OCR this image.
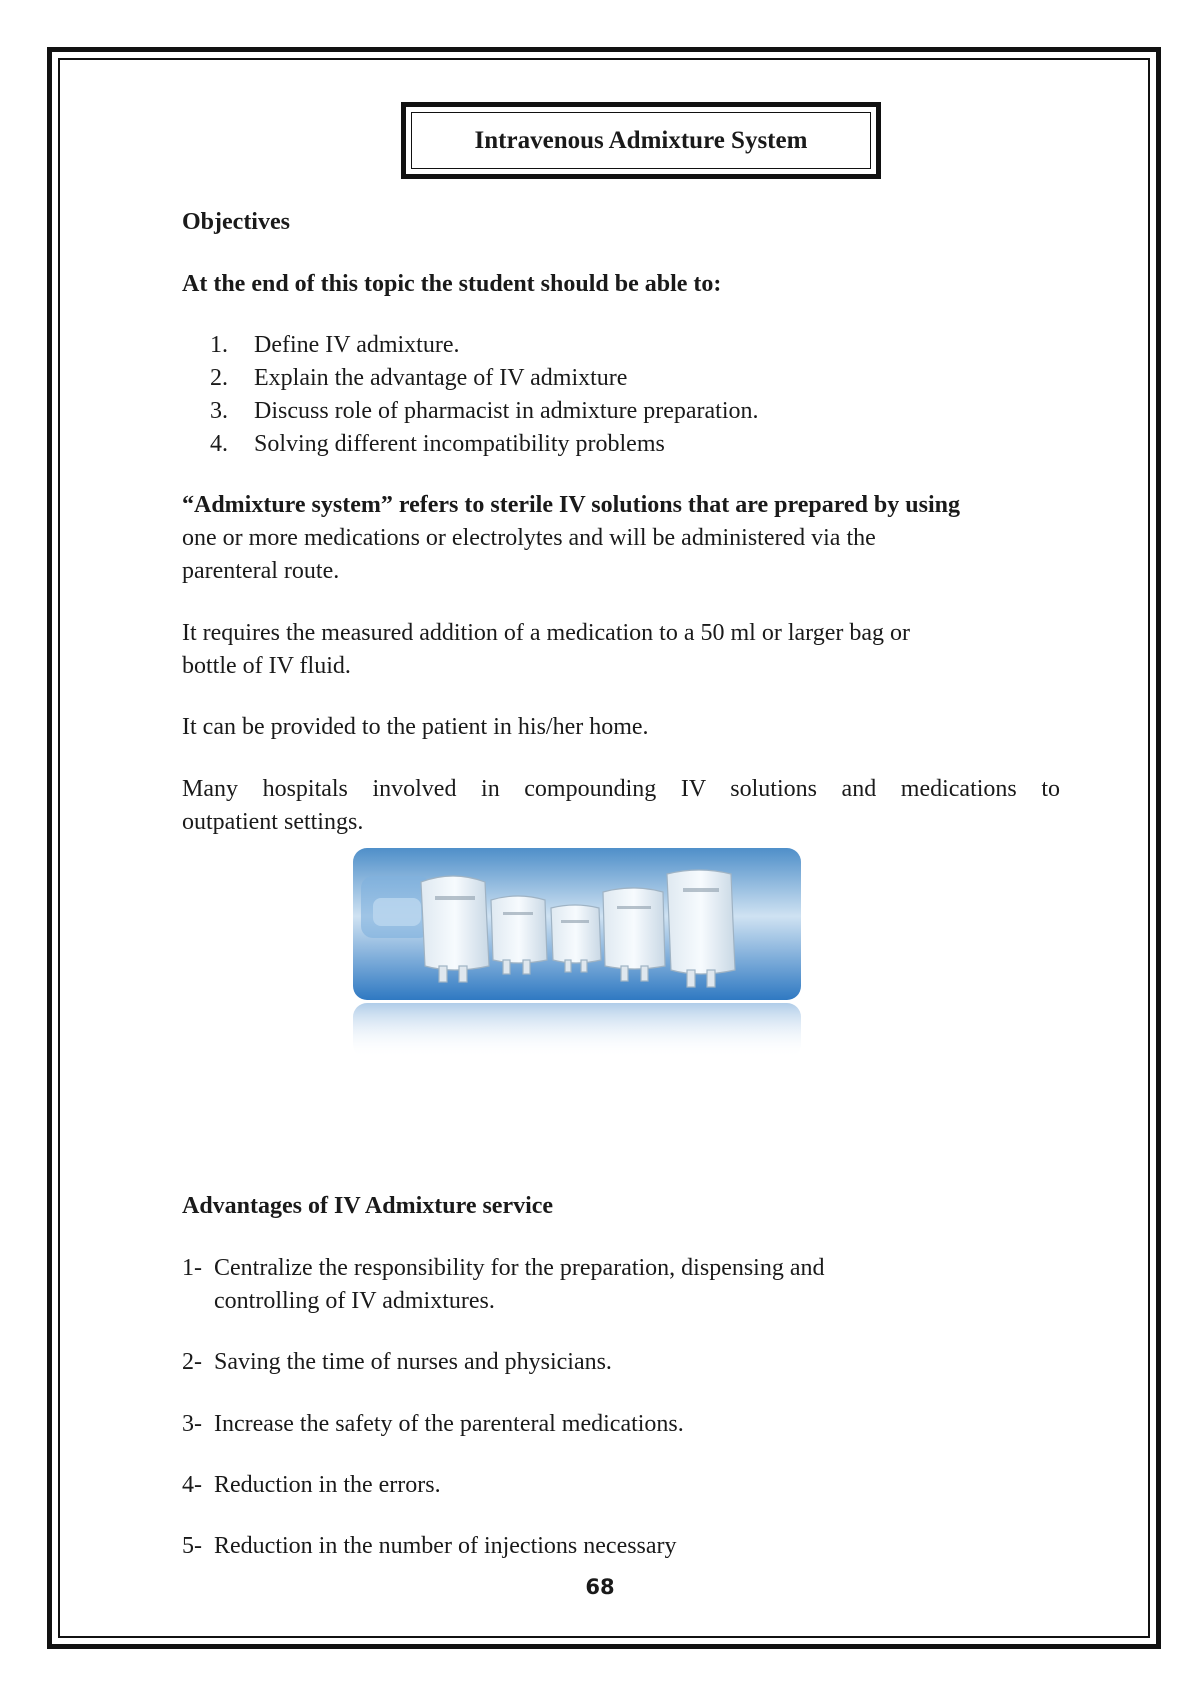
Intravenous Admixture System
Objectives
At the end of this topic the student should be able to:
1.	Define IV admixture.
2.	Explain the advantage of IV admixture
3.	Discuss role of pharmacist in admixture preparation.
4.	Solving different incompatibility problems
“Admixture system” refers to sterile IV solutions that are prepared by using
one or more medications or electrolytes and will be administered via the
parenteral route.
It requires the measured addition of a medication to a 50 ml or larger bag or
bottle of IV fluid.
It can be provided to the patient in his/her home.
Many hospitals involved in compounding IV solutions and medications to
outpatient settings.
Advantages of IV Admixture service
1- Centralize the responsibility for the preparation, dispensing and
controlling of IV admixtures.
2- Saving the time of nurses and physicians.
3- Increase the safety of the parenteral medications.
4- Reduction in the errors.
5- Reduction in the number of injections necessary
68
